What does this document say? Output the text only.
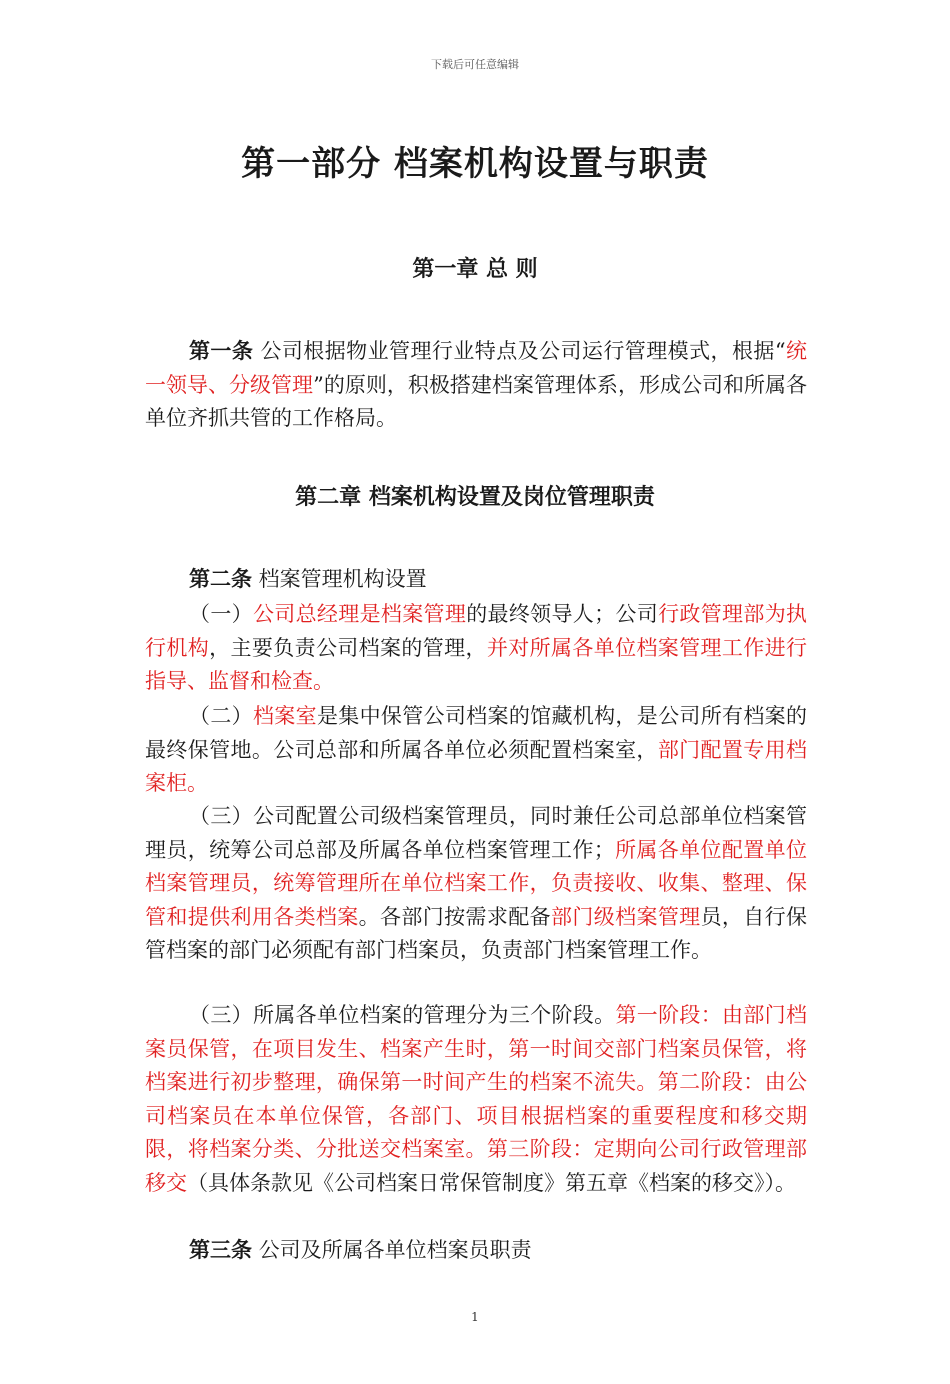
下载后可任意编辑
第一部分 档案机构设置与职责
第一章 总 则

第一条 公司根据物业管理行业特点及公司运行管理模式，根据“统一领导、分级管理”的原则，积极搭建档案管理体系，形成公司和所属各单位齐抓共管的工作格局。

第二章 档案机构设置及岗位管理职责

第二条 档案管理机构设置

（一）公司总经理是档案管理的最终领导人；公司行政管理部为执行机构，主要负责公司档案的管理，并对所属各单位档案管理工作进行指导、监督和检查。

（二）档案室是集中保管公司档案的馆藏机构，是公司所有档案的最终保管地。公司总部和所属各单位必须配置档案室，部门配置专用档案柜。

（三）公司配置公司级档案管理员，同时兼任公司总部单位档案管理员，统筹公司总部及所属各单位档案管理工作；所属各单位配置单位档案管理员，统筹管理所在单位档案工作，负责接收、收集、整理、保管和提供利用各类档案。各部门按需求配备部门级档案管理员，自行保管档案的部门必须配有部门档案员，负责部门档案管理工作。

（三）所属各单位档案的管理分为三个阶段。第一阶段：由部门档案员保管，在项目发生、档案产生时，第一时间交部门档案员保管，将档案进行初步整理，确保第一时间产生的档案不流失。第二阶段：由公司档案员在本单位保管，各部门、项目根据档案的重要程度和移交期限，将档案分类、分批送交档案室。第三阶段：定期向公司行政管理部移交（具体条款见《公司档案日常保管制度》第五章《档案的移交》）。

第三条 公司及所属各单位档案员职责

1
